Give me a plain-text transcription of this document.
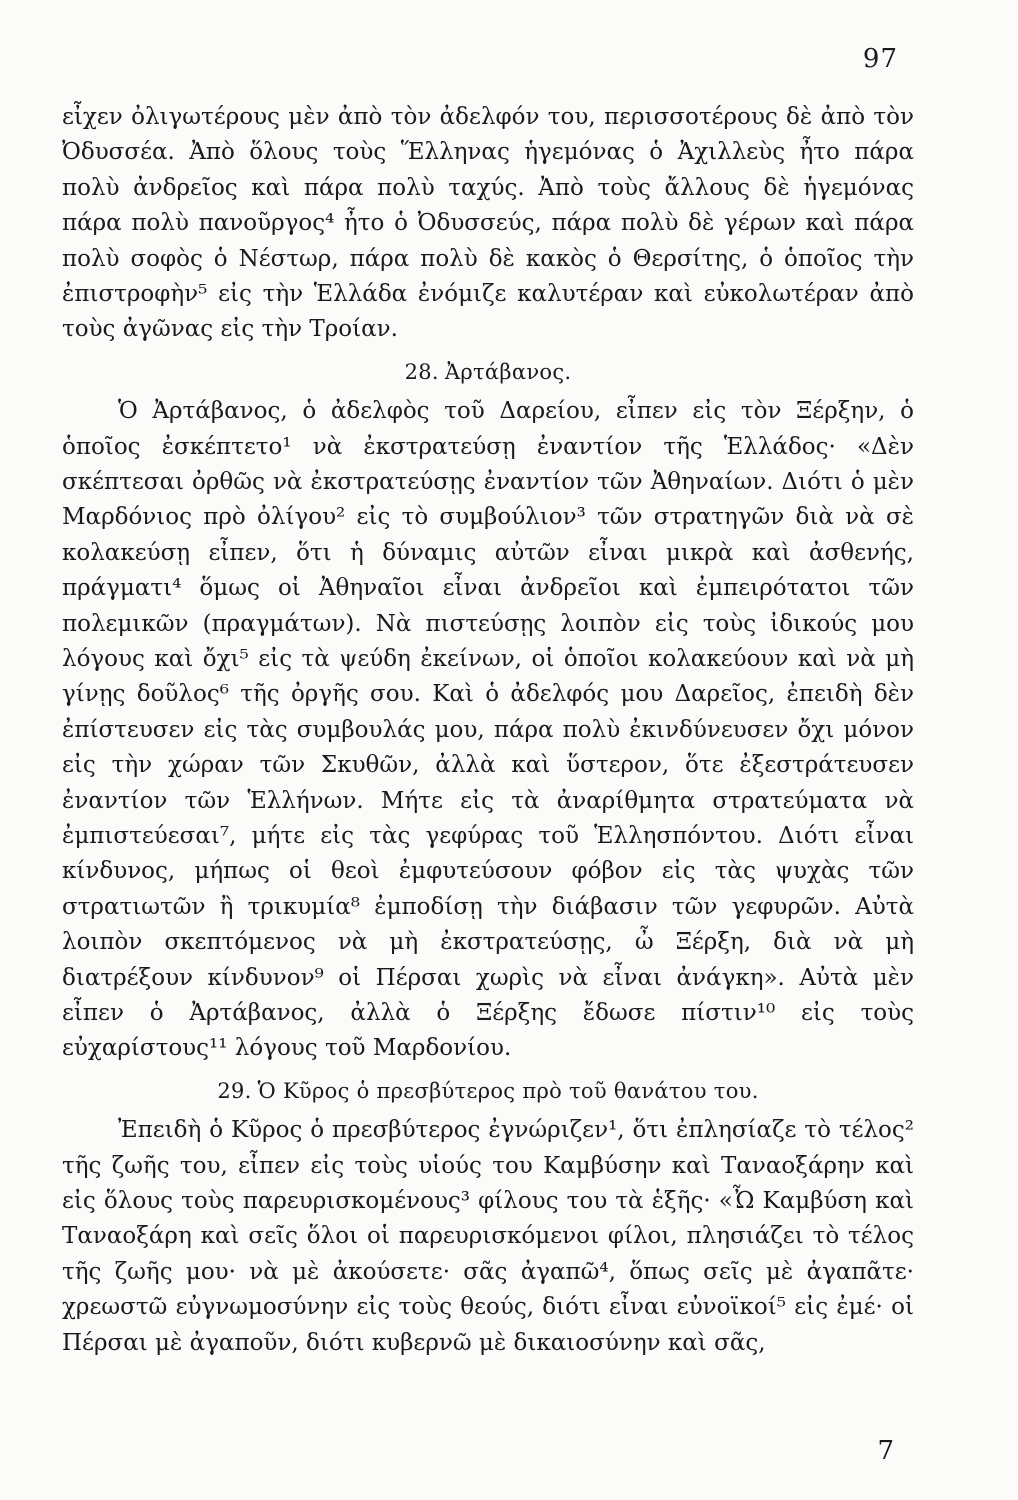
97

εἶχεν ὀλιγωτέρους μὲν ἀπὸ τὸν ἀδελφόν του, περισσοτέρους δὲ ἀπὸ τὸν Ὀδυσσέα. Ἀπὸ ὅλους τοὺς Ἕλληνας ἡγεμόνας ὁ Ἀχιλλεὺς ἦτο πάρα πολὺ ἀνδρεῖος καὶ πάρα πολὺ ταχύς. Ἀπὸ τοὺς ἄλλους δὲ ἡγεμόνας πάρα πολὺ πανοῦργος⁴ ἦτο ὁ Ὀδυσσεύς, πάρα πολὺ δὲ γέρων καὶ πάρα πολὺ σοφὸς ὁ Νέστωρ, πάρα πολὺ δὲ κακὸς ὁ Θερσίτης, ὁ ὁποῖος τὴν ἐπιστροφὴν⁵ εἰς τὴν Ἑλλάδα ἐνόμιζε καλυτέραν καὶ εὐκολωτέραν ἀπὸ τοὺς ἀγῶνας εἰς τὴν Τροίαν.

28. Ἀρτάβανος.

Ὁ Ἀρτάβανος, ὁ ἀδελφὸς τοῦ Δαρείου, εἶπεν εἰς τὸν Ξέρξην, ὁ ὁποῖος ἐσκέπτετο¹ νὰ ἐκστρατεύσῃ ἐναντίον τῆς Ἑλλάδος· «Δὲν σκέπτεσαι ὀρθῶς νὰ ἐκστρατεύσῃς ἐναντίον τῶν Ἀθηναίων. Διότι ὁ μὲν Μαρδόνιος πρὸ ὀλίγου² εἰς τὸ συμβούλιον³ τῶν στρατηγῶν διὰ νὰ σὲ κολακεύσῃ εἶπεν, ὅτι ἡ δύναμις αὐτῶν εἶναι μικρὰ καὶ ἀσθενής, πράγματι⁴ ὅμως οἱ Ἀθηναῖοι εἶναι ἀνδρεῖοι καὶ ἐμπειρότατοι τῶν πολεμικῶν (πραγμάτων). Νὰ πιστεύσῃς λοιπὸν εἰς τοὺς ἰδικούς μου λόγους καὶ ὄχι⁵ εἰς τὰ ψεύδη ἐκείνων, οἱ ὁποῖοι κολακεύουν καὶ νὰ μὴ γίνῃς δοῦλος⁶ τῆς ὀργῆς σου. Καὶ ὁ ἀδελφός μου Δαρεῖος, ἐπειδὴ δὲν ἐπίστευσεν εἰς τὰς συμβουλάς μου, πάρα πολὺ ἐκινδύνευσεν ὄχι μόνον εἰς τὴν χώραν τῶν Σκυθῶν, ἀλλὰ καὶ ὕστερον, ὅτε ἐξεστράτευσεν ἐναντίον τῶν Ἑλλήνων. Μήτε εἰς τὰ ἀναρίθμητα στρατεύματα νὰ ἐμπιστεύεσαι⁷, μήτε εἰς τὰς γεφύρας τοῦ Ἑλλησπόντου. Διότι εἶναι κίνδυνος, μήπως οἱ θεοὶ ἐμφυτεύσουν φόβον εἰς τὰς ψυχὰς τῶν στρατιωτῶν ἢ τρικυμία⁸ ἐμποδίσῃ τὴν διάβασιν τῶν γεφυρῶν. Αὐτὰ λοιπὸν σκεπτόμενος νὰ μὴ ἐκστρατεύσῃς, ὦ Ξέρξη, διὰ νὰ μὴ διατρέξουν κίνδυνον⁹ οἱ Πέρσαι χωρὶς νὰ εἶναι ἀνάγκη». Αὐτὰ μὲν εἶπεν ὁ Ἀρτάβανος, ἀλλὰ ὁ Ξέρξης ἔδωσε πίστιν¹⁰ εἰς τοὺς εὐχαρίστους¹¹ λόγους τοῦ Μαρδονίου.

29. Ὁ Κῦρος ὁ πρεσβύτερος πρὸ τοῦ θανάτου του.

Ἐπειδὴ ὁ Κῦρος ὁ πρεσβύτερος ἐγνώριζεν¹, ὅτι ἐπλησίαζε τὸ τέλος² τῆς ζωῆς του, εἶπεν εἰς τοὺς υἱούς του Καμβύσην καὶ Ταναοξάρην καὶ εἰς ὅλους τοὺς παρευρισκομένους³ φίλους του τὰ ἑξῆς· «Ὦ Καμβύση καὶ Ταναοξάρη καὶ σεῖς ὅλοι οἱ παρευρισκόμενοι φίλοι, πλησιάζει τὸ τέλος τῆς ζωῆς μου· νὰ μὲ ἀκούσετε· σᾶς ἀγαπῶ⁴, ὅπως σεῖς μὲ ἀγαπᾶτε· χρεωστῶ εὐγνωμοσύνην εἰς τοὺς θεούς, διότι εἶναι εὐνοϊκοί⁵ εἰς ἐμέ· οἱ Πέρσαι μὲ ἀγαποῦν, διότι κυβερνῶ μὲ δικαιοσύνην καὶ σᾶς,

7
